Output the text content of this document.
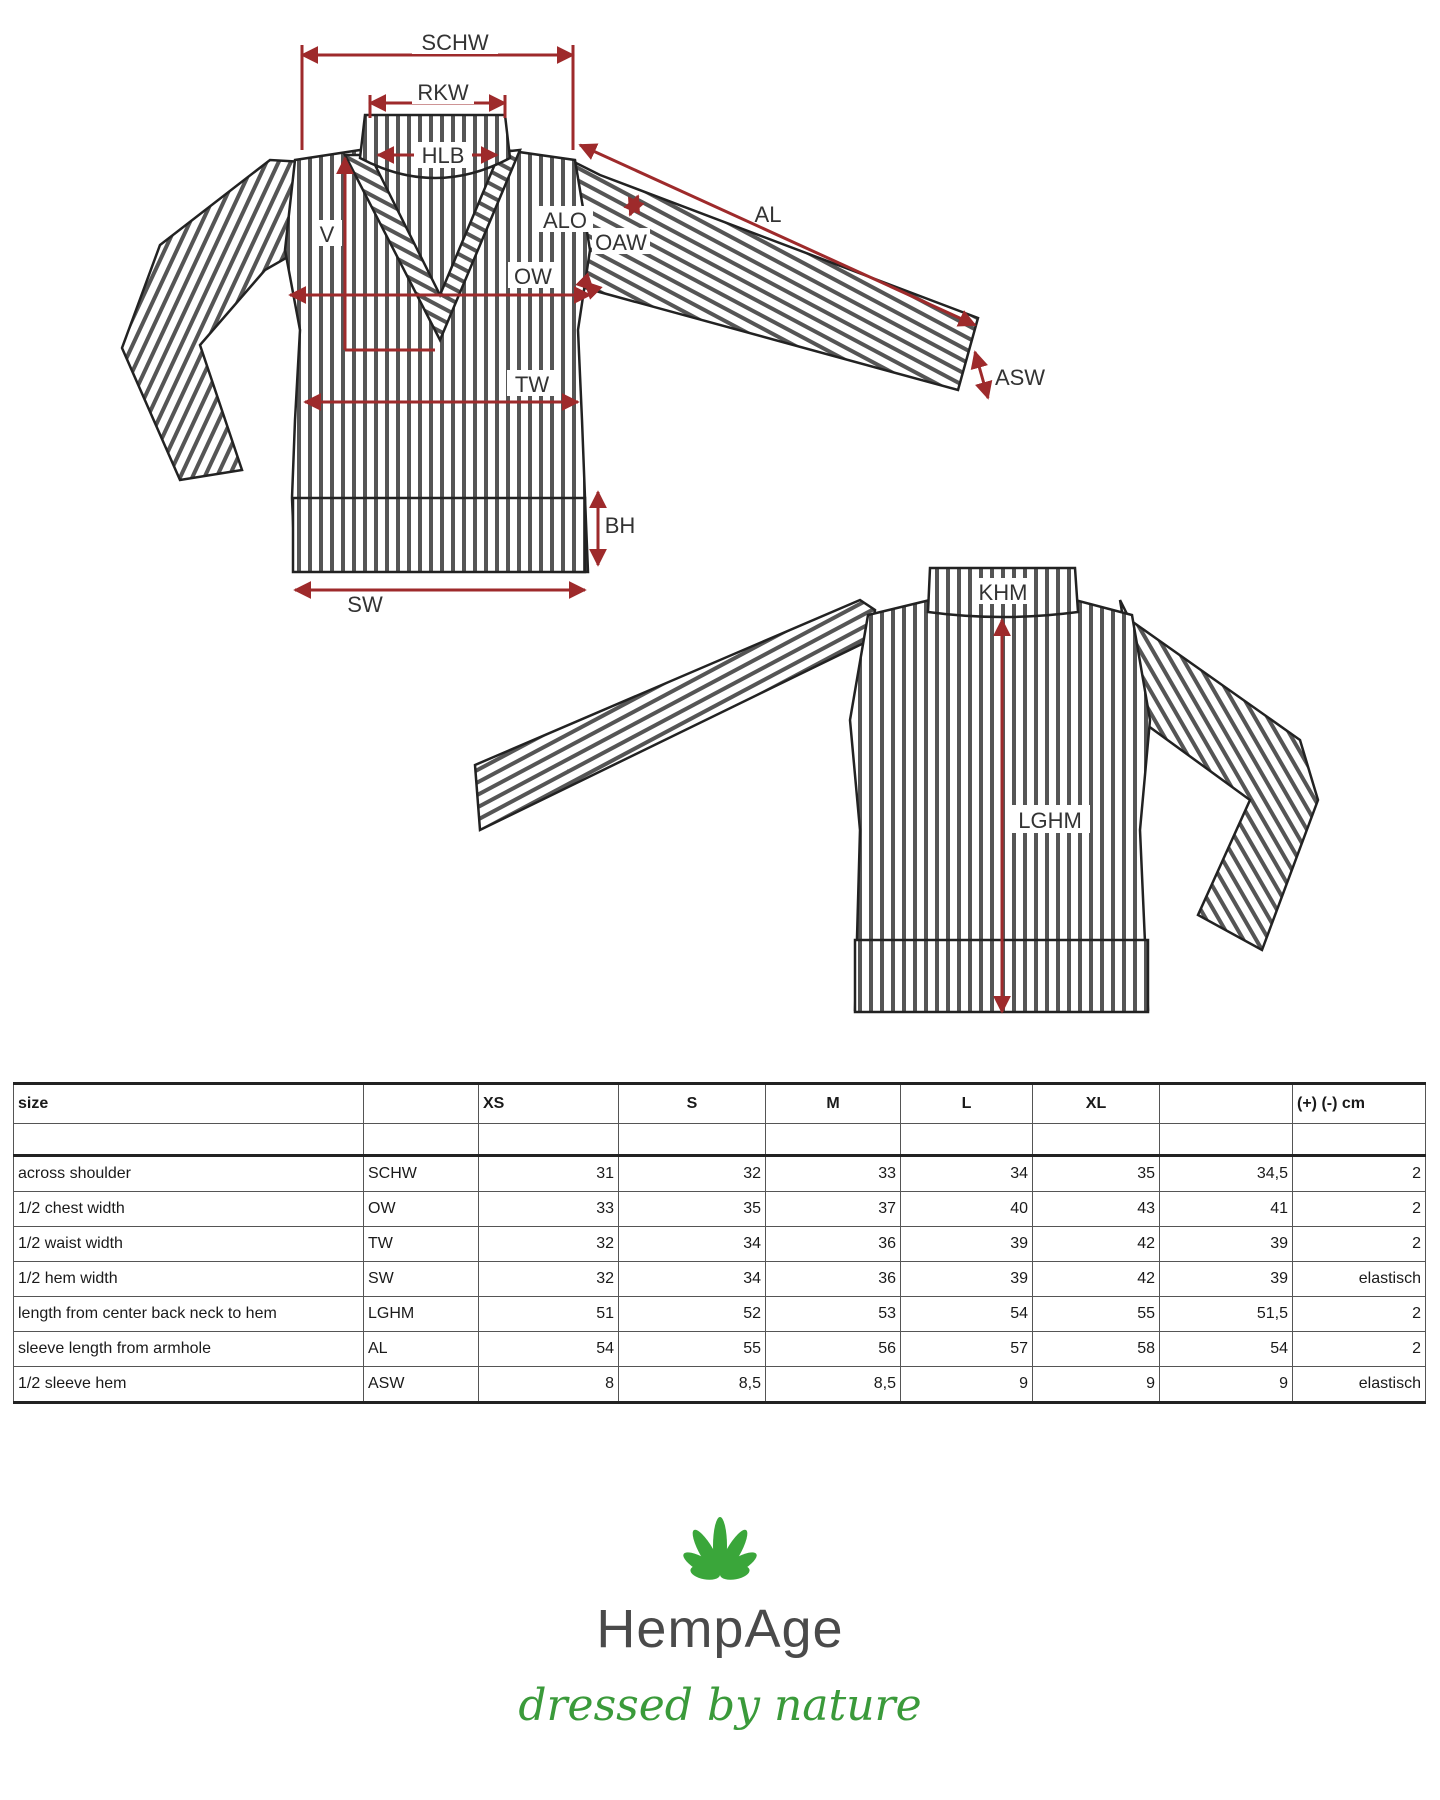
SCHW
RKW
HLB
ALO
OAW
AL
V
OW
TW	ASW
BH
SW	KHM
LGHM
size		XS	S	M	L	XL		(+) (-) cm

across shoulder	SCHW	31	32	33	34	35	34,5	2
1/2 chest width	OW	33	35	37	40	43	41	2
1/2 waist width	TW	32	34	36	39	42	39	2
1/2 hem width	SW	32	34	36	39	42	39	elastisch
length from center back neck to hem	LGHM	51	52	53	54	55	51,5	2
sleeve length from armhole	AL	54	55	56	57	58	54	2
1/2 sleeve hem	ASW	8	8,5	8,5	9	9	9	elastisch
HempAge
dressed by nature
